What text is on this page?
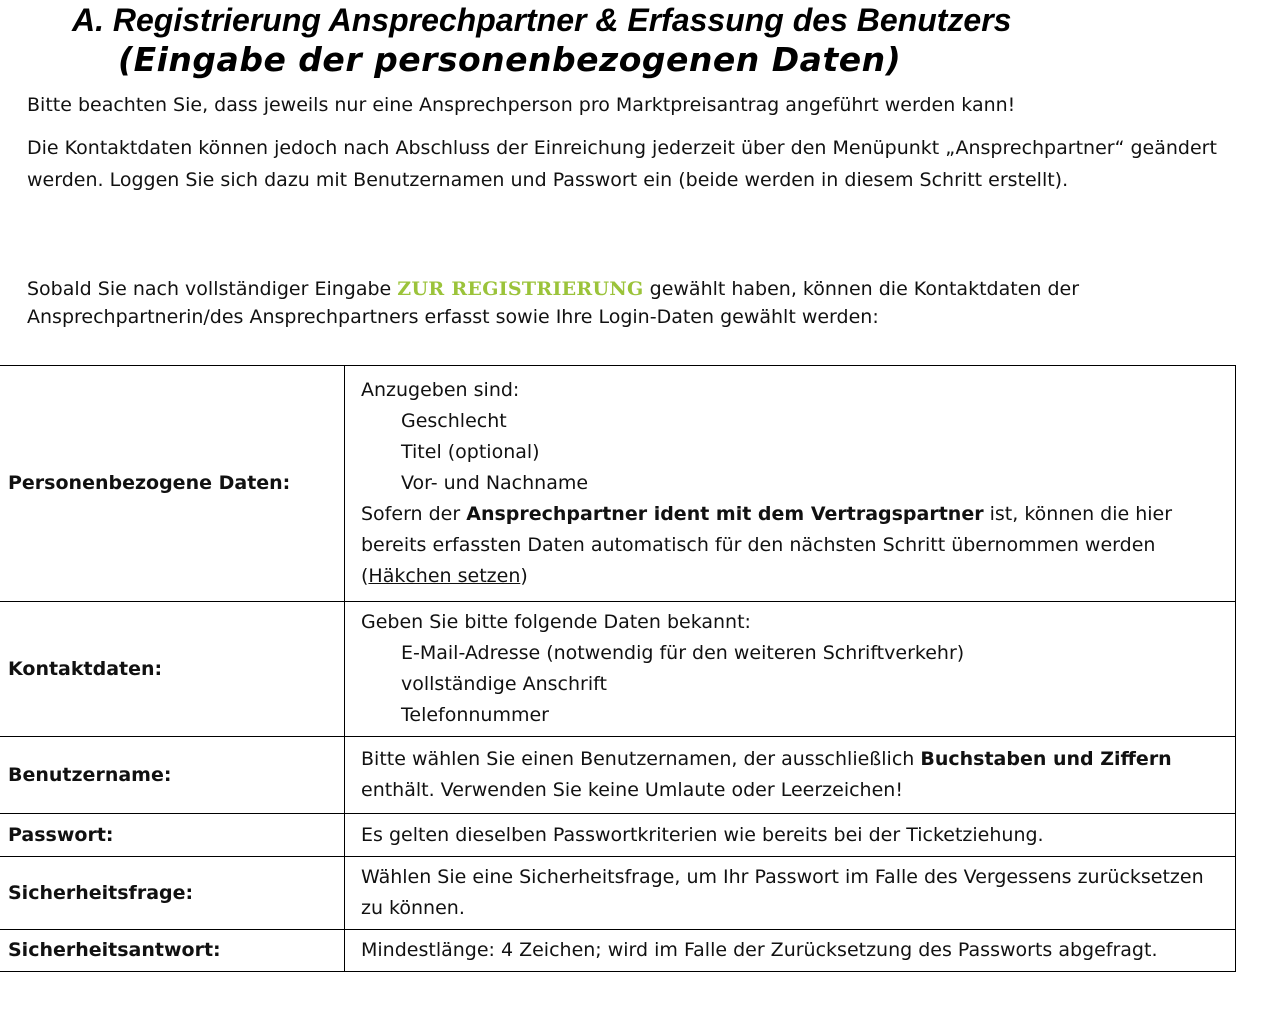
A. Registrierung Ansprechpartner & Erfassung des Benutzers
(Eingabe der personenbezogenen Daten)

Bitte beachten Sie, dass jeweils nur eine Ansprechperson pro Marktpreisantrag angeführt werden kann!

Die Kontaktdaten können jedoch nach Abschluss der Einreichung jederzeit über den Menüpunkt „Ansprechpartner“ geändert werden. Loggen Sie sich dazu mit Benutzernamen und Passwort ein (beide werden in diesem Schritt erstellt).

Sobald Sie nach vollständiger Eingabe ZUR REGISTRIERUNG gewählt haben, können die Kontaktdaten der Ansprechpartnerin/des Ansprechpartners erfasst sowie Ihre Login-Daten gewählt werden:

Personenbezogene Daten:	Anzugeben sind:
Geschlecht
Titel (optional)
Vor- und Nachname
Sofern der Ansprechpartner ident mit dem Vertragspartner ist, können die hier bereits erfassten Daten automatisch für den nächsten Schritt übernommen werden (Häkchen setzen)
Kontaktdaten:	Geben Sie bitte folgende Daten bekannt:
E-Mail-Adresse (notwendig für den weiteren Schriftverkehr)
vollständige Anschrift
Telefonnummer

Benutzername:	Bitte wählen Sie einen Benutzernamen, der ausschließlich Buchstaben und Ziffern enthält. Verwenden Sie keine Umlaute oder Leerzeichen!
Passwort:	Es gelten dieselben Passwortkriterien wie bereits bei der Ticketziehung.
Sicherheitsfrage:	Wählen Sie eine Sicherheitsfrage, um Ihr Passwort im Falle des Vergessens zurücksetzen zu können.
Sicherheitsantwort:	Mindestlänge: 4 Zeichen; wird im Falle der Zurücksetzung des Passworts abgefragt.
